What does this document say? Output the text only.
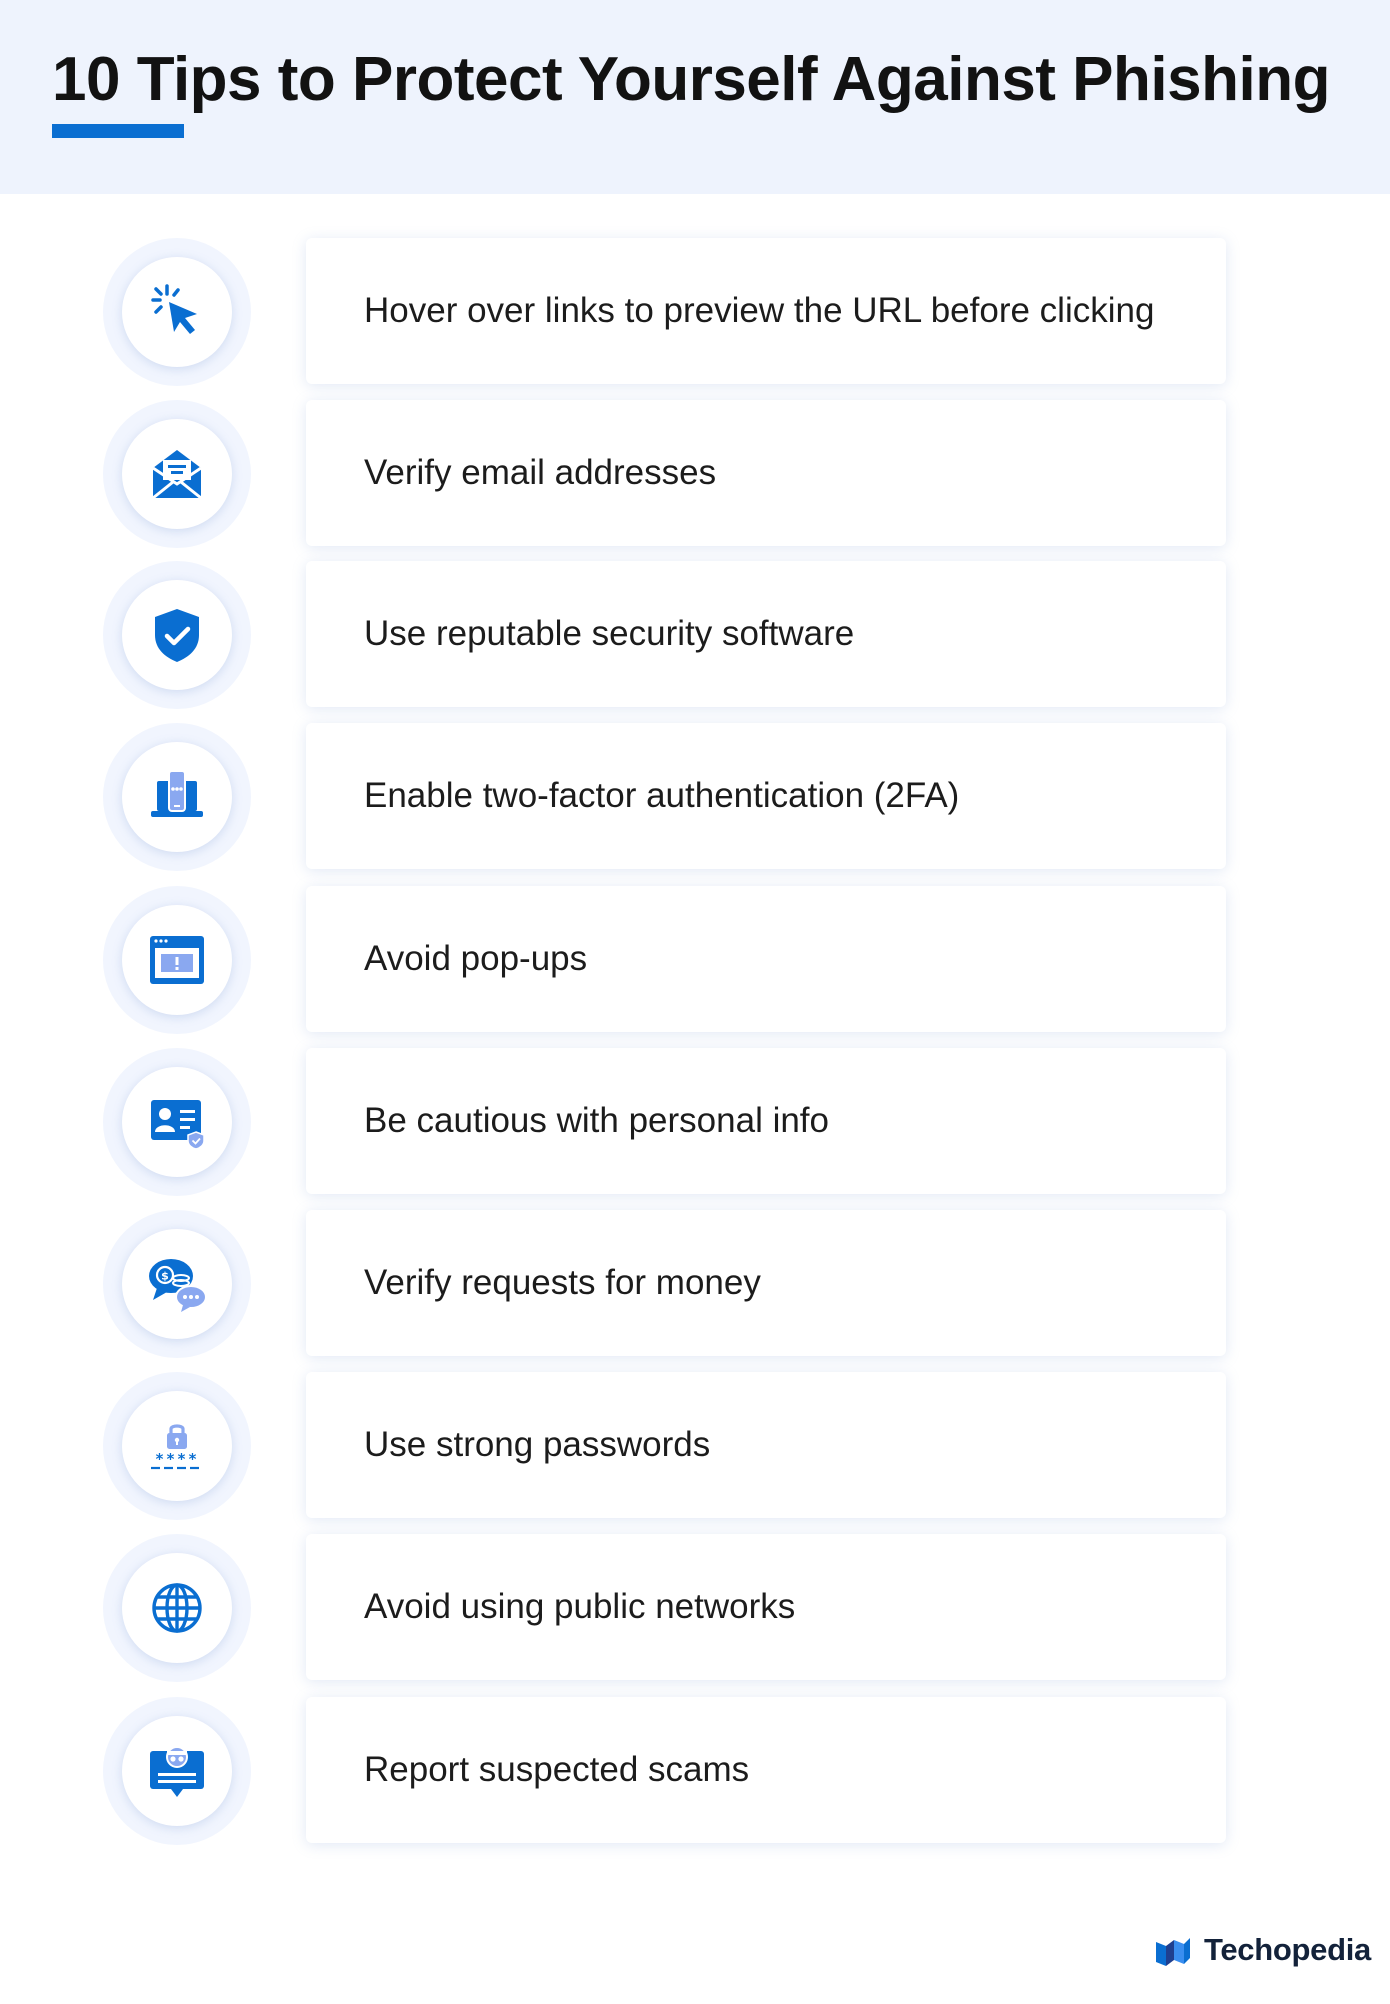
10 Tips to Protect Yourself Against Phishing
Hover over links to preview the URL before clicking
Verify email addresses
Use reputable security software
Enable two-factor authentication (2FA)
Avoid pop-ups
Be cautious with personal info
$	Verify requests for money
****	Use strong passwords
Avoid using public networks
Report suspected scams
Techopedia
